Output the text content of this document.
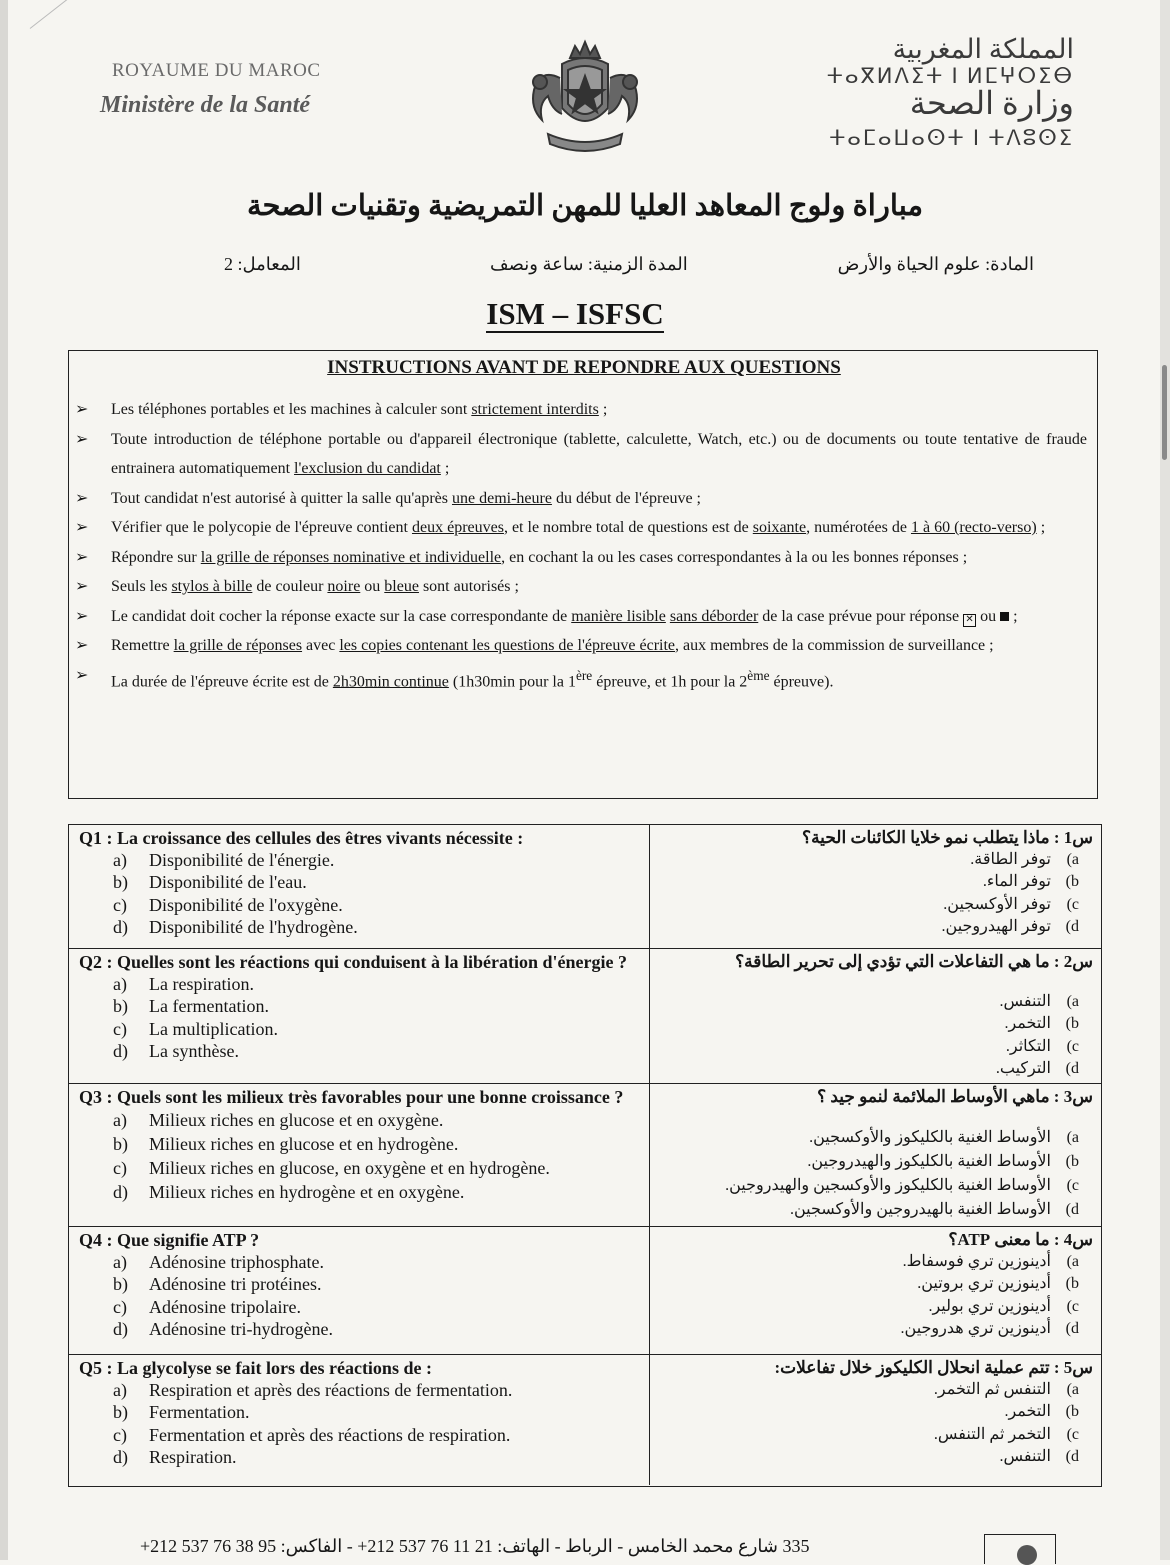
ROYAUME DU MAROC
Ministère de la Santé
المملكة المغربية
ⵜⴰⴳⵍⴷⵉⵜ ⵏ ⵍⵎⵖⵔⵉⴱ
وزارة الصحة
ⵜⴰⵎⴰⵡⴰⵙⵜ ⵏ ⵜⴷⵓⵙⵉ
مباراة ولوج المعاهد العليا للمهن التمريضية وتقنيات الصحة
المادة: علوم الحياة والأرض
المدة الزمنية: ساعة ونصف
المعامل: 2
ISM – ISFSC
INSTRUCTIONS AVANT DE REPONDRE AUX QUESTIONS
➢ Les téléphones portables et les machines à calculer sont strictement interdits ;
➢ Toute introduction de téléphone portable ou d'appareil électronique (tablette, calculette, Watch, etc.) ou de documents ou toute tentative de fraude entrainera automatiquement l'exclusion du candidat ;
➢ Tout candidat n'est autorisé à quitter la salle qu'après une demi-heure du début de l'épreuve ;
➢ Vérifier que le polycopie de l'épreuve contient deux épreuves, et le nombre total de questions est de soixante, numérotées de 1 à 60 (recto-verso) ;
➢ Répondre sur la grille de réponses nominative et individuelle, en cochant la ou les cases correspondantes à la ou les bonnes réponses ;
➢ Seuls les stylos à bille de couleur noire ou bleue sont autorisés ;
➢ Le candidat doit cocher la réponse exacte sur la case correspondante de manière lisible sans déborder de la case prévue pour réponse ✕ ou  ;
➢ Remettre la grille de réponses avec les copies contenant les questions de l'épreuve écrite, aux membres de la commission de surveillance ;
➢ La durée de l'épreuve écrite est de 2h30min continue (1h30min pour la 1ère épreuve, et 1h pour la 2ème épreuve).
Q1 : La croissance des cellules des êtres vivants nécessite :
a) Disponibilité de l'énergie.
b) Disponibilité de l'eau.
c) Disponibilité de l'oxygène.
d) Disponibilité de l'hydrogène.
س1 : ماذا يتطلب نمو خلايا الكائنات الحية؟
a)توفر الطاقة.
b)توفر الماء.
c)توفر الأوكسجين.
d)توفر الهيدروجين.
Q2 : Quelles sont les réactions qui conduisent à la libération d'énergie ?
a) La respiration.
b) La fermentation.
c) La multiplication.
d) La synthèse.
س2 : ما هي التفاعلات التي تؤدي إلى تحرير الطاقة؟
a)التنفس.
b)التخمر.
c)التكاثر.
d)التركيب.
Q3 : Quels sont les milieux très favorables pour une bonne croissance ?
a) Milieux riches en glucose et en oxygène.
b) Milieux riches en glucose et en hydrogène.
c) Milieux riches en glucose, en oxygène et en hydrogène.
d) Milieux riches en hydrogène et en oxygène.
س3 : ماهي الأوساط الملائمة لنمو جيد ؟
a)الأوساط الغنية بالكليكوز والأوكسجين.
b)الأوساط الغنية بالكليكوز والهيدروجين.
c)الأوساط الغنية بالكليكوز والأوكسجين والهيدروجين.
d)الأوساط الغنية بالهيدروجين والأوكسجين.
Q4 : Que signifie ATP ?
a) Adénosine triphosphate.
b) Adénosine tri protéines.
c) Adénosine tripolaire.
d) Adénosine tri-hydrogène.
س4 : ما معنى ATP؟
a)أدينوزين تري فوسفاط.
b)أدينوزين تري بروتين.
c)أدينوزين تري بولير.
d)أدينوزين تري هدروجين.
Q5 : La glycolyse se fait lors des réactions de :
a) Respiration et après des réactions de fermentation.
b) Fermentation.
c) Fermentation et après des réactions de respiration.
d) Respiration.
س5 : تتم عملية انحلال الكليكوز خلال تفاعلات:
a)التنفس ثم التخمر.
b)التخمر.
c)التخمر ثم التنفس.
d)التنفس.
335 شارع محمد الخامس - الرباط - الهاتف: 21 11 76 537 212+ - الفاكس: 95 38 76 537 212+
